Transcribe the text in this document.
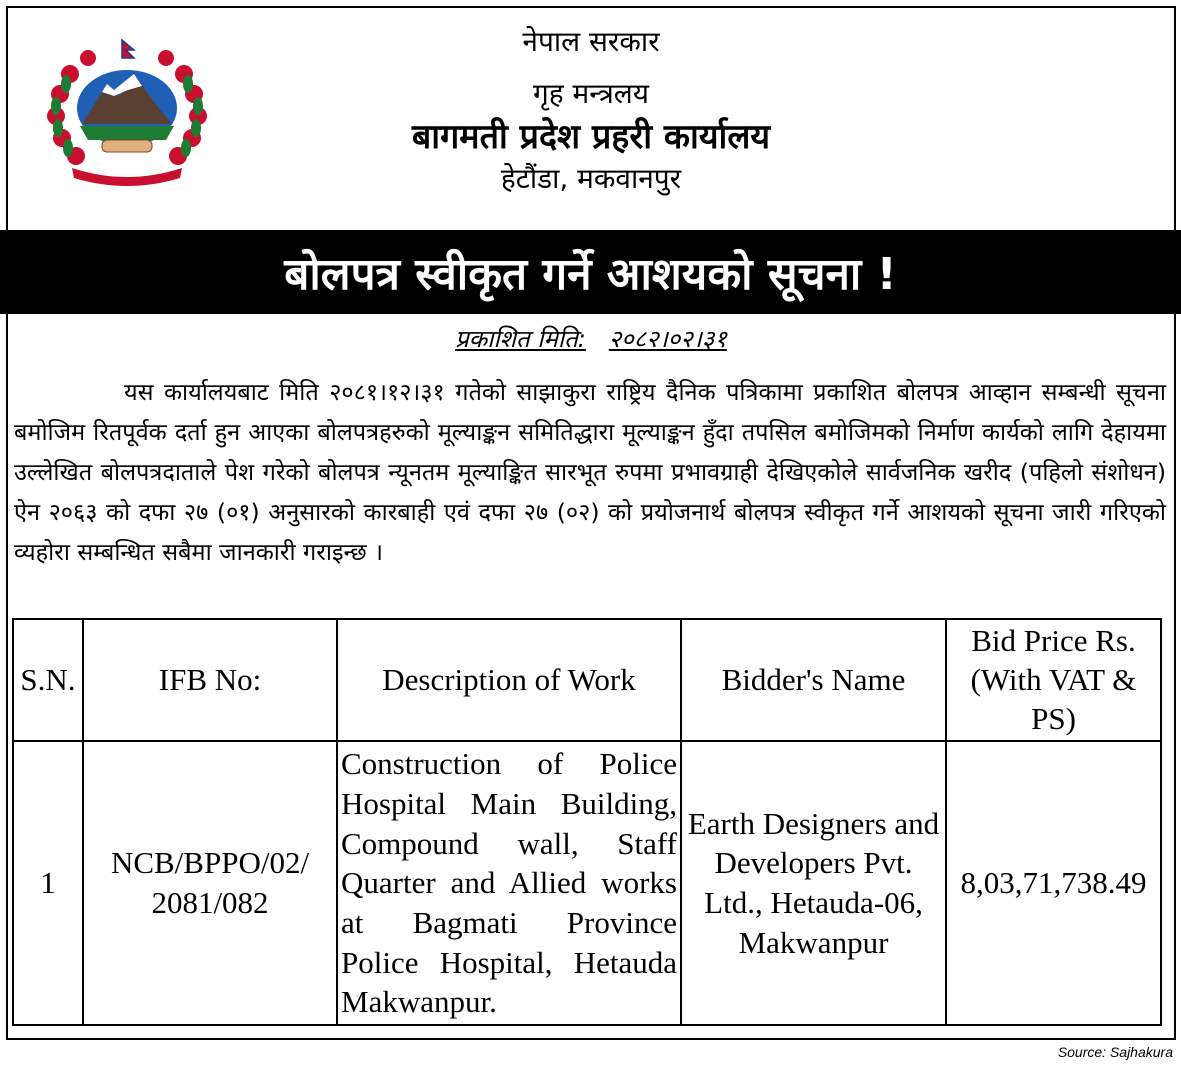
नेपाल सरकार
गृह मन्त्रलय
बागमती प्रदेश प्रहरी कार्यालय
हेटौंडा, मकवानपुर
बोलपत्र स्वीकृत गर्ने आशयको सूचना !
प्रकाशित मिति: २०८२।०२।३१

यस कार्यालयबाट मिति २०८१।१२।३१ गतेको साझाकुरा राष्ट्रिय दैनिक पत्रिकामा प्रकाशित बोलपत्र आव्हान सम्बन्धी सूचना बमोजिम रितपूर्वक दर्ता हुन आएका बोलपत्रहरुको मूल्याङ्कन समितिद्धारा मूल्याङ्कन हुँदा तपसिल बमोजिमको निर्माण कार्यको लागि देहायमा उल्लेखित बोलपत्रदाताले पेश गरेको बोलपत्र न्यूनतम मूल्याङ्कित सारभूत रुपमा प्रभावग्राही देखिएकोले सार्वजनिक खरीद (पहिलो संशोधन) ऐन २०६३ को दफा २७ (०१) अनुसारको कारबाही एवं दफा २७ (०२) को प्रयोजनार्थ बोलपत्र स्वीकृत गर्ने आशयको सूचना जारी गरिएको व्यहोरा सम्बन्धित सबैमा जानकारी गराइन्छ ।

S.N.	IFB No:	Description of Work	Bidder's Name	Bid Price Rs. (With VAT & PS)
1	NCB/BPPO/02/ 2081/082	Construction of Police Hospital Main Building, Compound wall, Staff Quarter and Allied works at Bagmati Province Police Hospital, Hetauda Makwanpur.	Earth Designers and Developers Pvt. Ltd., Hetauda-06, Makwanpur	8,03,71,738.49
Source: Sajhakura
